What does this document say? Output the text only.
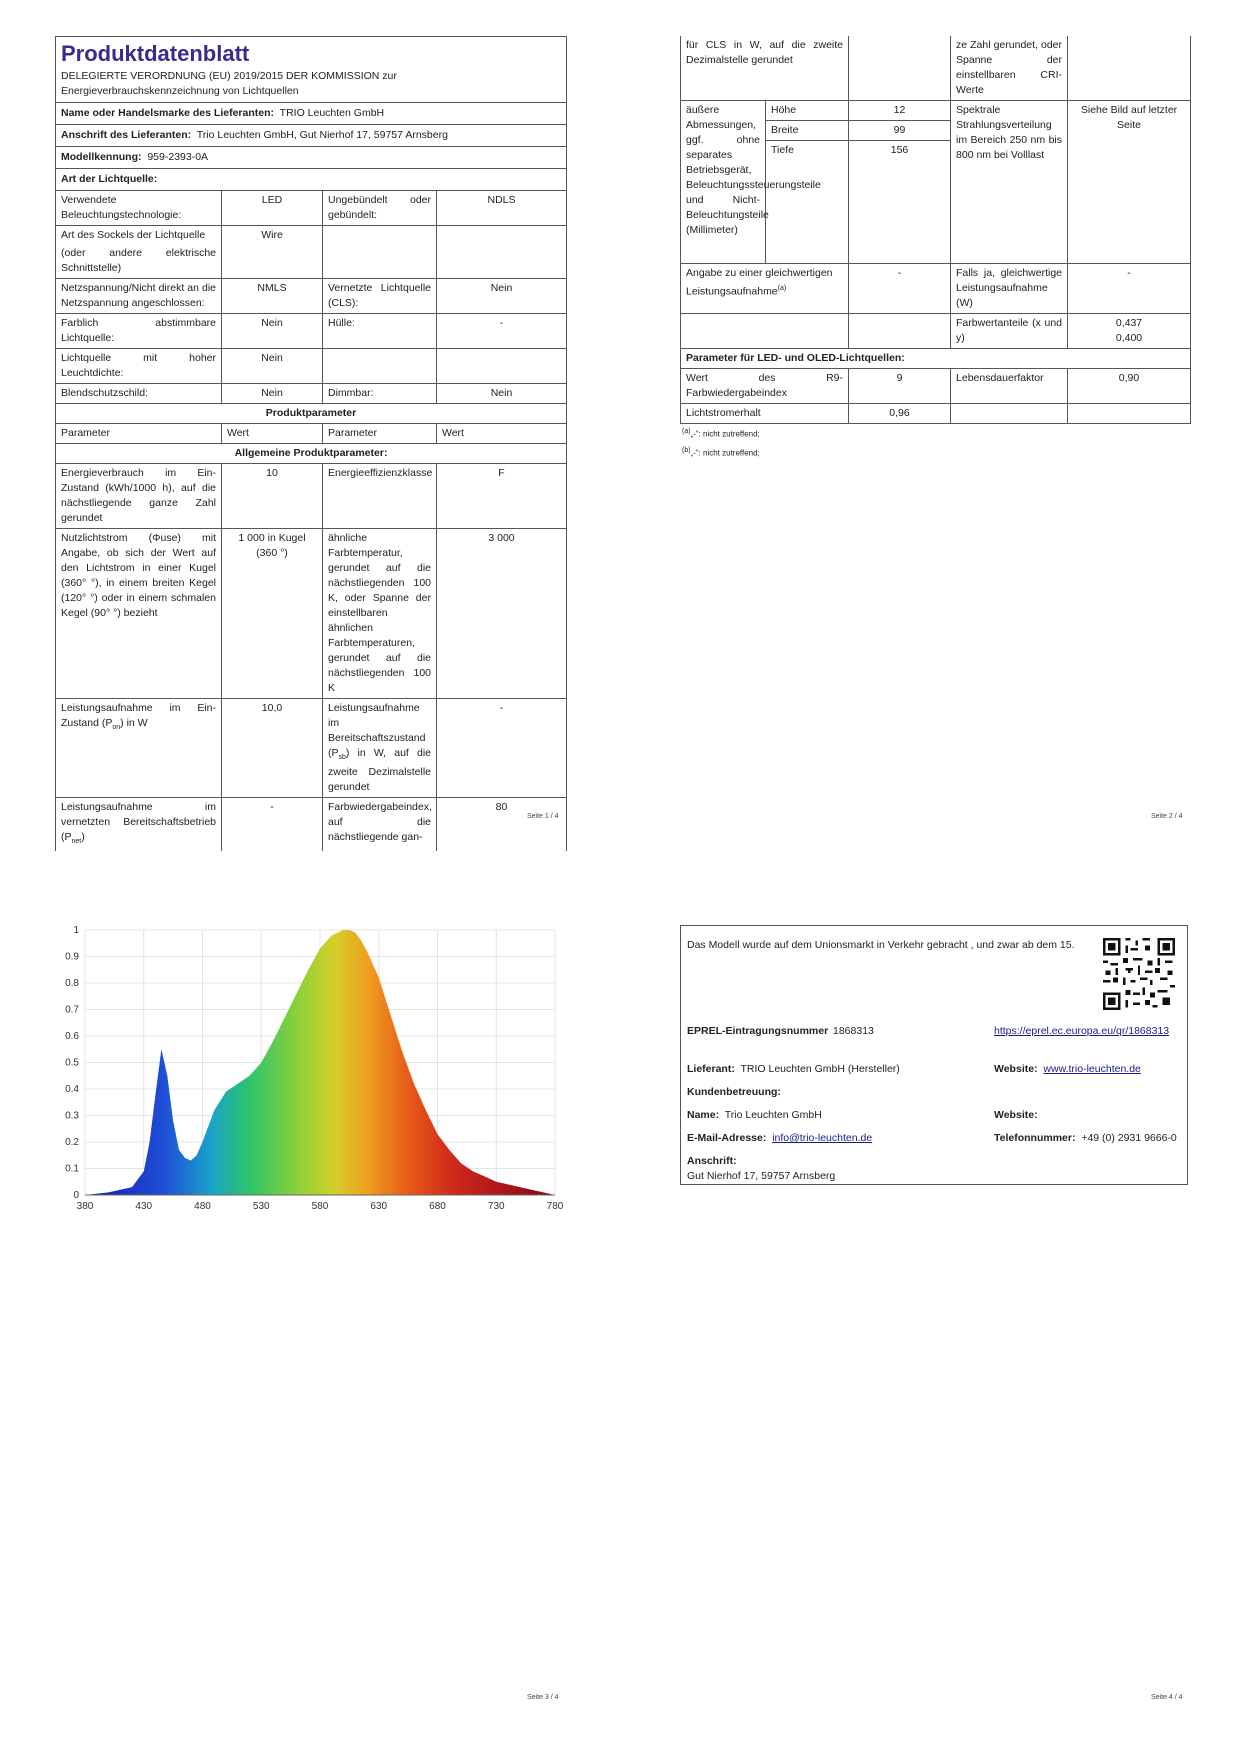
Produktdatenblatt
DELEGIERTE VERORDNUNG (EU) 2019/2015 DER KOMMISSION zur
Energieverbrauchskennzeichnung von Lichtquellen			

Name oder Handelsmarke des Lieferanten: TRIO Leuchten GmbH			
Anschrift des Lieferanten: Trio Leuchten GmbH, Gut Nierhof 17, 59757 Arnsberg			
Modellkennung: 959-2393-0A			
Art der Lichtquelle:			
Verwendete Beleuchtungstechnologie:	LED	Ungebündelt oder gebündelt:	NDLS

Art des Sockels der Lichtquelle
(oder andere elektrische Schnittstelle)	Wire		
Netzspannung/Nicht direkt an die Netzspannung angeschlossen:	NMLS	Vernetzte Lichtquelle (CLS):	Nein
Farblich abstimmbare Lichtquelle:	Nein	Hülle:	-
Lichtquelle mit hoher Leuchtdichte:	Nein		
Blendschutzschild:	Nein	Dimmbar:	Nein
Produktparameter			
Parameter	Wert	Parameter	Wert
Allgemeine Produktparameter:			
Energieverbrauch im Ein-Zustand (kWh/1000 h), auf die nächstliegende ganze Zahl gerundet	10	Energieeffizienzklasse	F
Nutzlichtstrom (Φuse) mit Angabe, ob sich der Wert auf den Lichtstrom in einer Kugel (360° °), in einem breiten Kegel (120° °) oder in einem schmalen Kegel (90° °) bezieht	1 000 in Kugel (360 °)	ähnliche Farbtemperatur, gerundet auf die nächstliegenden 100 K, oder Spanne der einstellbaren ähnlichen Farbtemperaturen, gerundet auf die nächstliegenden 100 K	3 000
Leistungsaufnahme im Ein-Zustand $(P_{on})$ in W	10,0	Leistungsaufnahme im Bereitschaftszustand $(P_{sb})$ in W, auf die zweite Dezimalstelle gerundet	-
Leistungsaufnahme im vernetzten Bereitschaftsbetrieb $(P_{net})$	-	Farbwiedergabeindex, auf die nächstliegende gan-	80
Seite 1 / 4
für CLS in W, auf die zweite Dezimalstelle gerundet			ze Zahl gerundet, oder Spanne der einstellbaren CRI-Werte	
äußere Abmessungen, ggf. ohne separates Betriebsgerät, Beleuchtungssteuerungsteile und Nicht-Beleuchtungsteile (Millimeter)	Höhe	12	Spektrale Strahlungsverteilung im Bereich 250 nm bis 800 nm bei Volllast	Siehe Bild auf letzter Seite
	Breite	99		
	Tiefe	156		
Angabe zu einer gleichwertigen Leistungsaufnahme$^{(a)}$		-	Falls ja, gleichwertige Leistungsaufnahme (W)	-
			Farbwertanteile (x und y)	0,437
0,400

Parameter für LED- und OLED-Lichtquellen:				
Wert des R9-Farbwiedergabeindex		9	Lebensdauerfaktor	0,90
Lichtstromerhalt		0,96		
$^{(a)}$„-“: nicht zutreffend;
$^{(b)}$„-“: nicht zutreffend;
Seite 2 / 4
0
0.1
0.2
0.3
0.4
0.5
0.6
0.7
0.8
0.9
1
380	430	480	530	580	630	680	730	780
Seite 3 / 4
Das Modell wurde auf dem Unionsmarkt in Verkehr gebracht , und zwar ab dem 15.
EPREL-Eintragungsnummer 1868313	https://eprel.ec.europa.eu/qr/1868313
Lieferant: TRIO Leuchten GmbH (Hersteller)	Website: www.trio-leuchten.de
Kundenbetreuung:
Name: Trio Leuchten GmbH	Website:
E-Mail-Adresse: info@trio-leuchten.de	Telefonnummer: +49 (0) 2931 9666-0
Anschrift:
Gut Nierhof 17, 59757 Arnsberg
Seite 4 / 4
